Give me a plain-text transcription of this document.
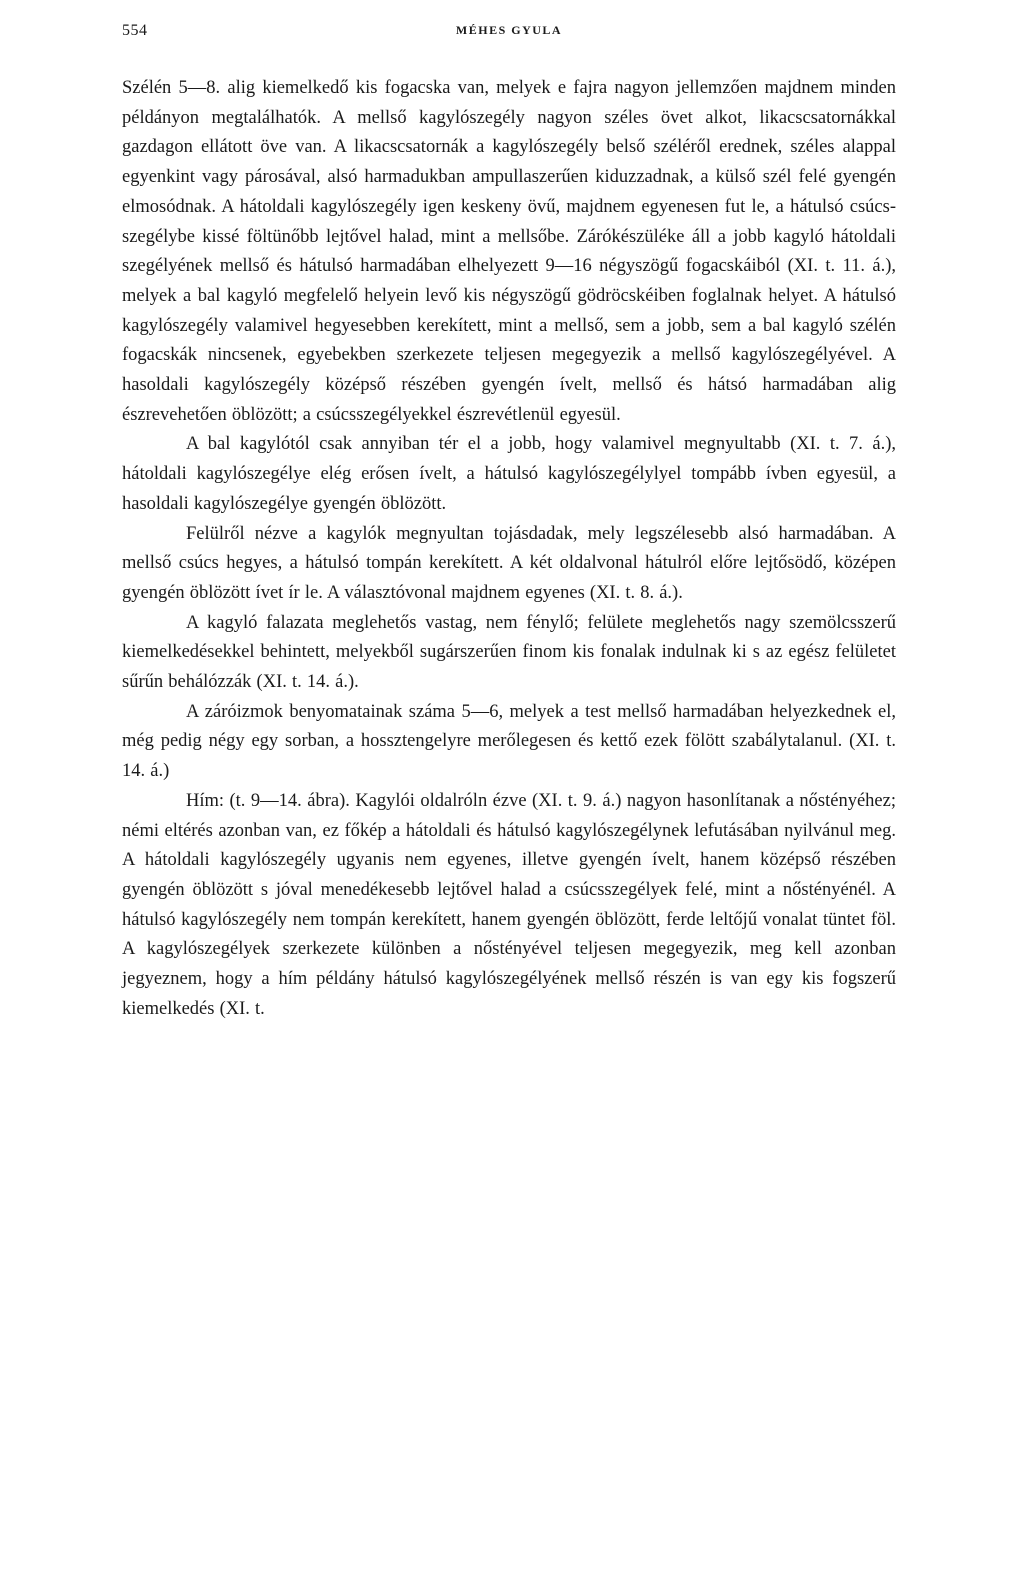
554	MÉHES GYULA

Szélén 5—8. alig kiemelkedő kis fogacska van, melyek e fajra nagyon jellemzően majdnem minden példányon megtalálhatók. A mellső kagylószegély nagyon széles övet alkot, likacscsatornákkal gazdagon ellátott öve van. A likacscsatornák a kagylószegély belső széléről erednek, széles alappal egyenkint vagy párosával, alsó harmadukban ampullaszerűen kiduzzadnak, a külső szél felé gyengén elmosódnak. A hátoldali kagylószegély igen keskeny övű, majdnem egyenesen fut le, a hátulsó csúcsszegélybe kissé föltünőbb lejtővel halad, mint a mellsőbe. Zárókészüléke áll a jobb kagyló hátoldali szegélyének mellső és hátulsó harmadában elhelyezett 9—16 négyszögű fogacskáiból (XI. t. 11. á.), melyek a bal kagyló megfelelő helyein levő kis négyszögű gödröcskéiben foglalnak helyet. A hátulsó kagylószegély valamivel hegyesebben kerekített, mint a mellső, sem a jobb, sem a bal kagyló szélén fogacskák nincsenek, egyebekben szerkezete teljesen megegyezik a mellső kagylószegélyével. A hasoldali kagylószegély középső részében gyengén ívelt, mellső és hátsó harmadában alig észrevehetően öblözött; a csúcsszegélyekkel észrevétlenül egyesül.

A bal kagylótól csak annyiban tér el a jobb, hogy valamivel megnyultabb (XI. t. 7. á.), hátoldali kagylószegélye elég erősen ívelt, a hátulsó kagylószegélylyel tompább ívben egyesül, a hasoldali kagylószegélye gyengén öblözött.

Felülről nézve a kagylók megnyultan tojásdadak, mely legszélesebb alsó harmadában. A mellső csúcs hegyes, a hátulsó tompán kerekített. A két oldalvonal hátulról előre lejtősödő, középen gyengén öblözött ívet ír le. A választóvonal majdnem egyenes (XI. t. 8. á.).

A kagyló falazata meglehetős vastag, nem fénylő; felülete meglehetős nagy szemölcsszerű kiemelkedésekkel behintett, melyekből sugárszerűen finom kis fonalak indulnak ki s az egész felületet sűrűn behálózzák (XI. t. 14. á.).

A záróizmok benyomatainak száma 5—6, melyek a test mellső harmadában helyezkednek el, még pedig négy egy sorban, a hossztengelyre merőlegesen és kettő ezek fölött szabálytalanul. (XI. t. 14. á.)

Hím: (t. 9—14. ábra). Kagylói oldalróln ézve (XI. t. 9. á.) nagyon hasonlítanak a nőstényéhez; némi eltérés azonban van, ez főkép a hátoldali és hátulsó kagylószegélynek lefutásában nyilvánul meg. A hátoldali kagylószegély ugyanis nem egyenes, illetve gyengén ívelt, hanem középső részében gyengén öblözött s jóval menedékesebb lejtővel halad a csúcsszegélyek felé, mint a nőstényénél. A hátulsó kagylószegély nem tompán kerekített, hanem gyengén öblözött, ferde leltőjű vonalat tüntet föl. A kagylószegélyek szerkezete különben a nőstényével teljesen megegyezik, meg kell azonban jegyeznem, hogy a hím példány hátulsó kagylószegélyének mellső részén is van egy kis fogszerű kiemelkedés (XI. t.
